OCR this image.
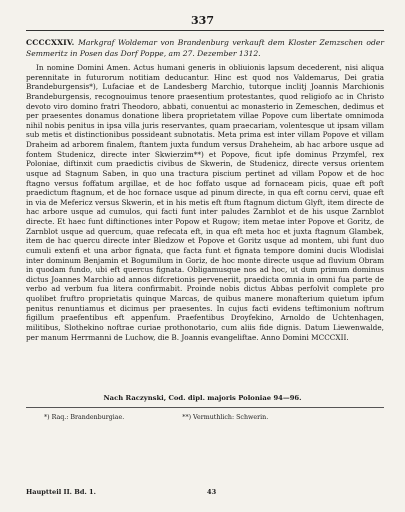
337
CCCCXXIV. Markgraf Woldemar von Brandenburg verkauft dem Kloster Zemzschen oder Semmeritz in Posen das Dorf Poppe, am 27. Dezember 1312.
In nomine Domini Amen. Actus humani generis in obliuionis lapsum decederent, nisi aliqua perennitate in futurorum notitiam deducantur. Hinc est quod nos Valdemarus, Dei gratia Brandeburgensis*), Lufaciae et de Landesberg Marchio, tutorque inclitj Joannis Marchionis Brandeburgensis, recognouimus tenore praesentium protestantes, quod religiofo ac in Christo devoto viro domino fratri Theodoro, abbati, conuentui ac monasterio in Zemeschen, dedimus et per praesentes donamus donatione libera proprietatem villae Popove cum libertate omnimoda nihil nobis penitus in ipsa villa juris reservantes, quam praecariam, volentesque ut ipsam villam sub metis et distinctionibus possideant subnotatis. Meta prima est inter villam Popove et villam Draheim ad arborem finalem, ftantem juxta fundum versus Draheheim, ab hac arbore usque ad fontem Studenicz, directe inter Skwierzim**) et Popove, ficut ipfe dominus Przymfel, rex Poloniae, diftinxit cum praedictis civibus de Skwerin, de Studenicz, directe versus orientem usque ad Stagnum Saben, in quo una tractura piscium pertinet ad villam Popow et de hoc ftagno versus foffatum argillae, et de hoc foffato usque ad fornaceam picis, quae eft poft praedictum ftagnum, et de hoc fornace usque ad pinum directe, in qua eft cornu cervi, quae eft in via de Mefericz versus Skwerin, et in his metis eft ftum ftagnum dictum Glyft, item directe de hac arbore usque ad cumulos, qui facti funt inter paludes Zarnblot et de his usque Zarnblot directe. Et haec funt diftinctiones inter Popow et Rugow; item metae inter Popove et Goritz, de Zarnblot usque ad quercum, quae refecata eft, in qua eft meta hoc et juxta ftagnum Glambek, item de hac quercu directe inter Bledzow et Popove et Goritz usque ad montem, ubi funt duo cumuli extenfi et una arbor fignata, que facta funt et fignata tempore domini ducis Wlodislai inter dominum Benjamin et Bogumilum in Goriz, de hoc monte directe usque ad fluvium Obram in quodam fundo, ubi eft quercus fignata. Obligamusque nos ad hoc, ut dum primum dominus dictus Joannes Marchio ad annos difcretionis perveneriit, praedicta omnia in omni fua parte de verbo ad verbum fua litera confirmabit. Proinde nobis dictus Abbas perfolvit complete pro quolibet fruftro proprietatis quinque Marcas, de quibus manere monafterium quietum ipfum penitus renuntiamus et dicimus per praesentes. In cujus facti evidens teftimonium noftrum figillum praefentibus eft appenfum. Praefentibus Droyfekino, Arnoldo de Uchtenhagen, militibus, Slothekino noftrae curiae prothonotario, cum aliis fide dignis. Datum Liewenwalde, per manum Herrmanni de Luchow, die B. Joannis evangeliftae. Anno Domini MCCCXII.
Nach Raczynski, Cod. dipl. majoris Poloniae 94—96.
*) Raq.: Brandenburgiae.	**) Vermuthlich: Schwerin.
Hauptteil II. Bd. 1.	43
